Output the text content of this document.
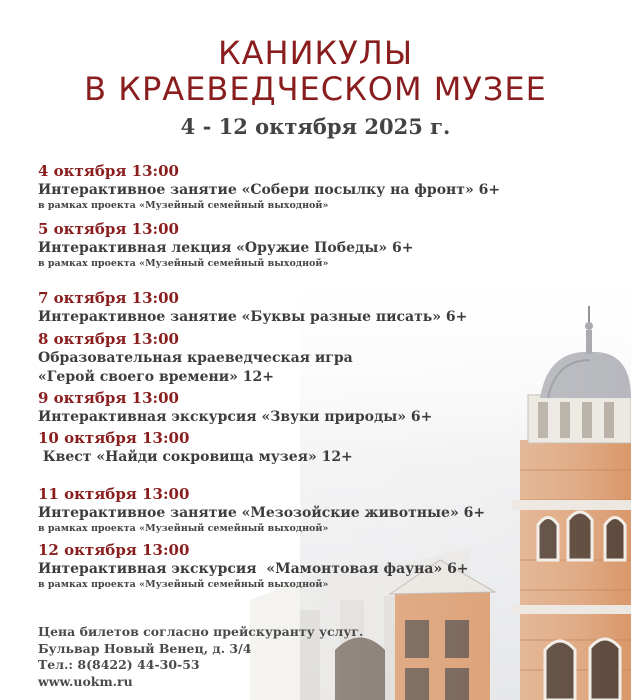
КАНИКУЛЫ
В КРАЕВЕДЧЕСКОМ МУЗЕЕ
4 - 12 октября 2025 г.
4 октября 13:00
Интерактивное занятие «Собери посылку на фронт» 6+
в рамках проекта «Музейный семейный выходной»
5 октября 13:00
Интерактивная лекция «Оружие Победы» 6+
в рамках проекта «Музейный семейный выходной»
7 октября 13:00
Интерактивное занятие «Буквы разные писать» 6+
8 октября 13:00
Образовательная краеведческая игра
«Герой своего времени» 12+
9 октября 13:00
Интерактивная экскурсия «Звуки природы» 6+
10 октября 13:00
Квест «Найди сокровища музея» 12+
11 октября 13:00
Интерактивное занятие «Мезозойские животные» 6+
в рамках проекта «Музейный семейный выходной»
12 октября 13:00
Интерактивная экскурсия  «Мамонтовая фауна» 6+
в рамках проекта «Музейный семейный выходной»
Цена билетов согласно прейскуранту услуг.
Бульвар Новый Венец, д. 3/4
Тел.: 8(8422) 44-30-53
www.uokm.ru
